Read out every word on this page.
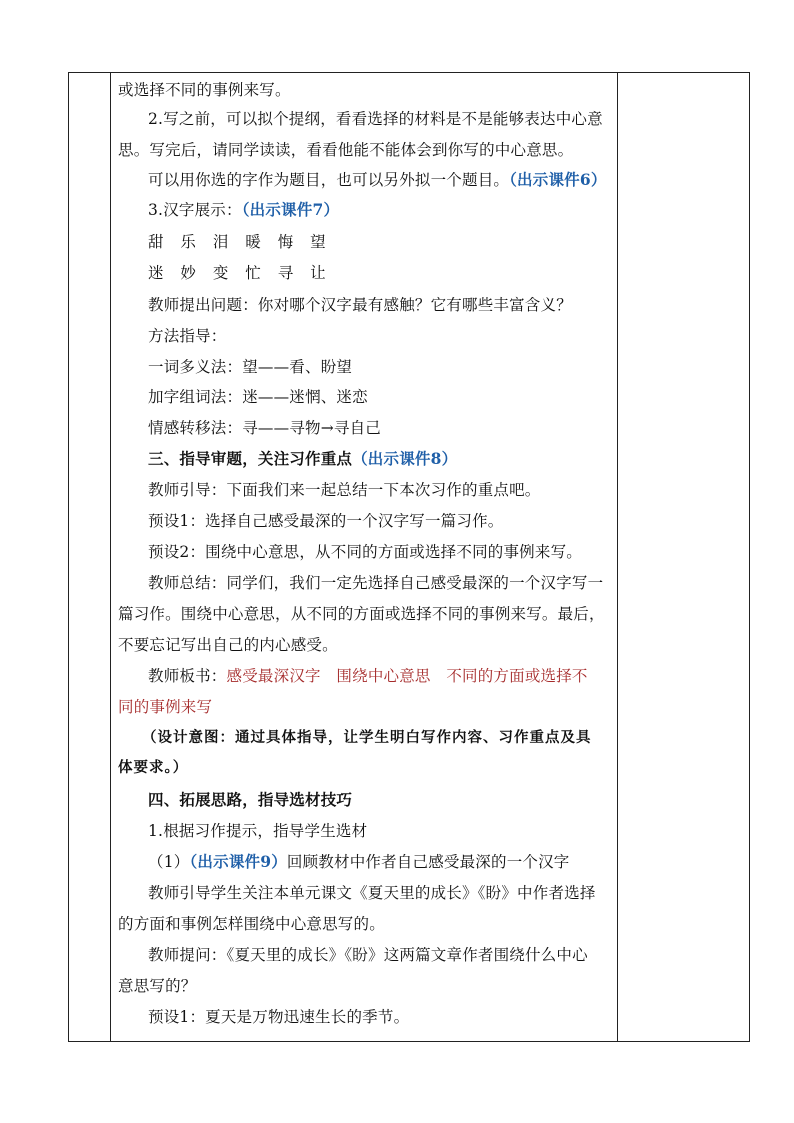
或选择不同的事例来写。
2.写之前，可以拟个提纲，看看选择的材料是不是能够表达中心意
思。写完后，请同学读读，看看他能不能体会到你写的中心意思。
可以用你选的字作为题目，也可以另外拟一个题目。（出示课件6）
3.汉字展示：（出示课件7）
甜 乐 泪 暖 悔 望
迷 妙 变 忙 寻 让
教师提出问题：你对哪个汉字最有感触？它有哪些丰富含义？
方法指导：
一词多义法：望——看、盼望
加字组词法：迷——迷惘、迷恋
情感转移法：寻——寻物→寻自己
三、指导审题，关注习作重点（出示课件8）
教师引导：下面我们来一起总结一下本次习作的重点吧。
预设1：选择自己感受最深的一个汉字写一篇习作。
预设2：围绕中心意思，从不同的方面或选择不同的事例来写。
教师总结：同学们，我们一定先选择自己感受最深的一个汉字写一
篇习作。围绕中心意思，从不同的方面或选择不同的事例来写。最后，
不要忘记写出自己的内心感受。
教师板书：感受最深汉字　围绕中心意思　不同的方面或选择不
同的事例来写
（设计意图：通过具体指导，让学生明白写作内容、习作重点及具
体要求。）
四、拓展思路，指导选材技巧
1.根据习作提示，指导学生选材
（1）（出示课件9）回顾教材中作者自己感受最深的一个汉字
教师引导学生关注本单元课文《夏天里的成长》《盼》中作者选择
的方面和事例怎样围绕中心意思写的。
教师提问：《夏天里的成长》《盼》这两篇文章作者围绕什么中心
意思写的？
预设1：夏天是万物迅速生长的季节。
